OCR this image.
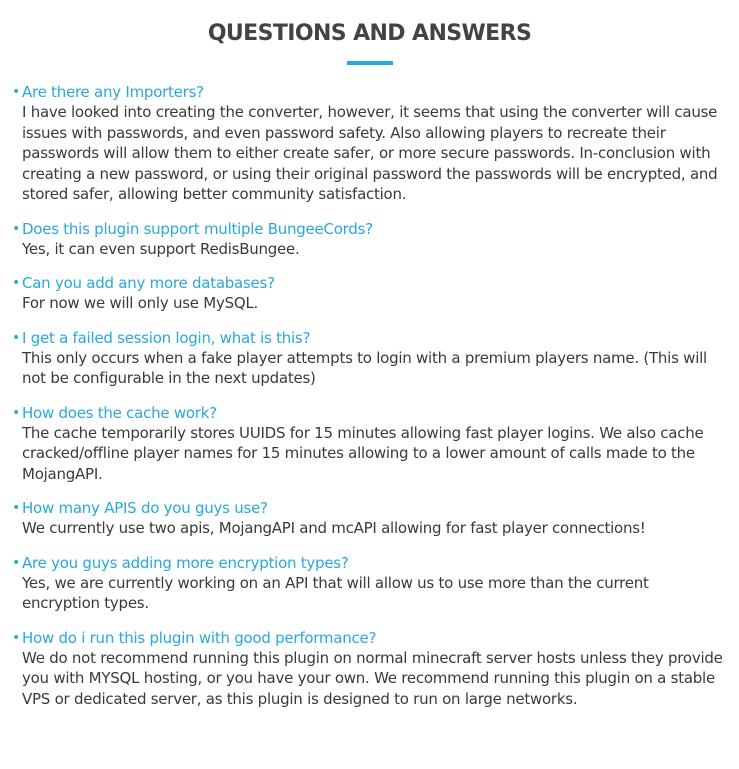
QUESTIONS AND ANSWERS
• Are there any Importers?
I have looked into creating the converter, however, it seems that using the converter will cause issues with passwords, and even password safety. Also allowing players to recreate their passwords will allow them to either create safer, or more secure passwords. In-conclusion with creating a new password, or using their original password the passwords will be encrypted, and stored safer, allowing better community satisfaction.
• Does this plugin support multiple BungeeCords?
Yes, it can even support RedisBungee.
• Can you add any more databases?
For now we will only use MySQL.
• I get a failed session login, what is this?
This only occurs when a fake player attempts to login with a premium players name. (This will not be configurable in the next updates)
• How does the cache work?
The cache temporarily stores UUIDS for 15 minutes allowing fast player logins. We also cache cracked/offline player names for 15 minutes allowing to a lower amount of calls made to the MojangAPI.
• How many APIS do you guys use?
We currently use two apis, MojangAPI and mcAPI allowing for fast player connections!
• Are you guys adding more encryption types?
Yes, we are currently working on an API that will allow us to use more than the current encryption types.
• How do i run this plugin with good performance?
We do not recommend running this plugin on normal minecraft server hosts unless they provide you with MYSQL hosting, or you have your own. We recommend running this plugin on a stable VPS or dedicated server, as this plugin is designed to run on large networks.
